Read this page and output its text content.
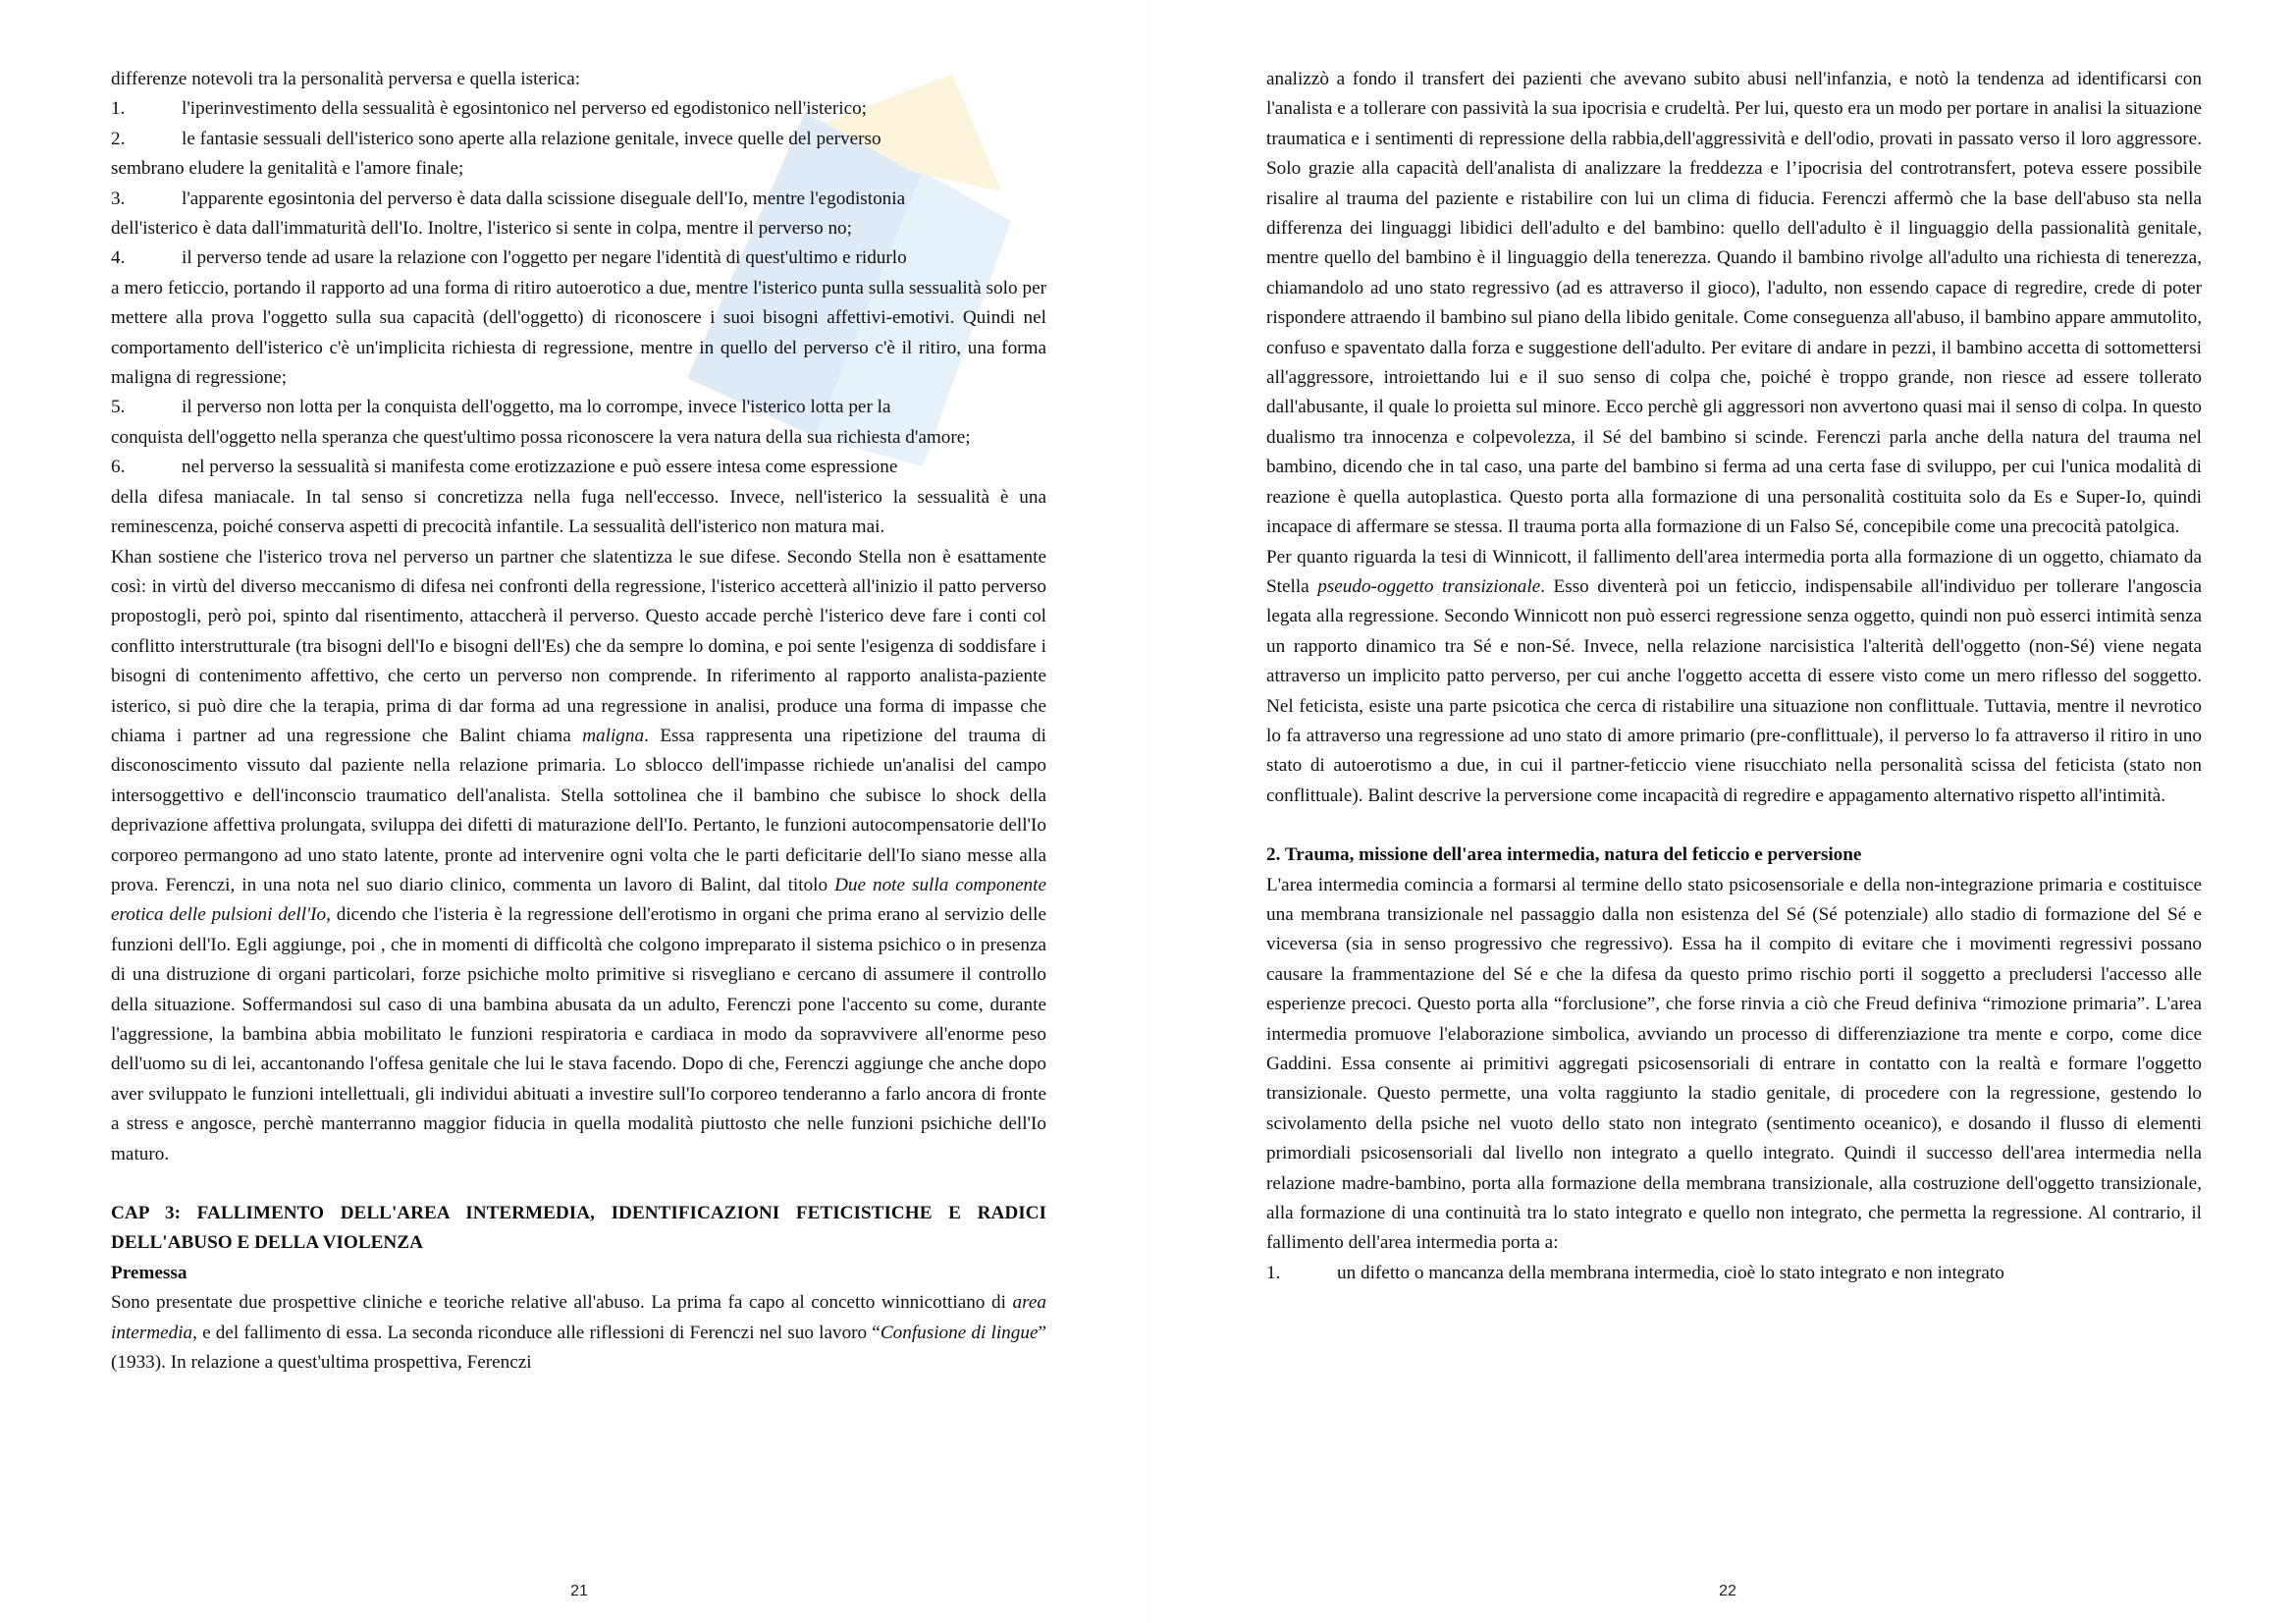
differenze notevoli tra la personalità perversa e quella isterica:

1.	l'iperinvestimento della sessualità è egosintonico nel perverso ed egodistonico nell'isterico;
2.	le fantasie sessuali dell'isterico sono aperte alla relazione genitale, invece quelle del perverso

sembrano eludere la genitalità e l'amore finale;

3.	l'apparente egosintonia del perverso è data dalla scissione diseguale dell'Io, mentre l'egodistonia

dell'isterico è data dall'immaturità dell'Io. Inoltre, l'isterico si sente in colpa, mentre il perverso no;

4.	il perverso tende ad usare la relazione con l'oggetto per negare l'identità di quest'ultimo e ridurlo

a mero feticcio, portando il rapporto ad una forma di ritiro autoerotico a due, mentre l'isterico punta sulla sessualità solo per mettere alla prova l'oggetto sulla sua capacità (dell'oggetto) di riconoscere i suoi bisogni affettivi-emotivi. Quindi nel comportamento dell'isterico c'è un'implicita richiesta di regressione, mentre in quello del perverso c'è il ritiro, una forma maligna di regressione;

5.	il perverso non lotta per la conquista dell'oggetto, ma lo corrompe, invece l'isterico lotta per la

conquista dell'oggetto nella speranza che quest'ultimo possa riconoscere la vera natura della sua richiesta d'amore;

6.	nel perverso la sessualità si manifesta come erotizzazione e può essere intesa come espressione

della difesa maniacale. In tal senso si concretizza nella fuga nell'eccesso. Invece, nell'isterico la sessualità è una reminescenza, poiché conserva aspetti di precocità infantile. La sessualità dell'isterico non matura mai.

Khan sostiene che l'isterico trova nel perverso un partner che slatentizza le sue difese. Secondo Stella non è esattamente così: in virtù del diverso meccanismo di difesa nei confronti della regressione, l'isterico accetterà all'inizio il patto perverso propostogli, però poi, spinto dal risentimento, attaccherà il perverso. Questo accade perchè l'isterico deve fare i conti col conflitto interstrutturale (tra bisogni dell'Io e bisogni dell'Es) che da sempre lo domina, e poi sente l'esigenza di soddisfare i bisogni di contenimento affettivo, che certo un perverso non comprende. In riferimento al rapporto analista-paziente isterico, si può dire che la terapia, prima di dar forma ad una regressione in analisi, produce una forma di impasse che chiama i partner ad una regressione che Balint chiama maligna. Essa rappresenta una ripetizione del trauma di disconoscimento vissuto dal paziente nella relazione primaria. Lo sblocco dell'impasse richiede un'analisi del campo intersoggettivo e dell'inconscio traumatico dell'analista. Stella sottolinea che il bambino che subisce lo shock della deprivazione affettiva prolungata, sviluppa dei difetti di maturazione dell'Io. Pertanto, le funzioni autocompensatorie dell'Io corporeo permangono ad uno stato latente, pronte ad intervenire ogni volta che le parti deficitarie dell'Io siano messe alla prova. Ferenczi, in una nota nel suo diario clinico, commenta un lavoro di Balint, dal titolo Due note sulla componente erotica delle pulsioni dell'Io, dicendo che l'isteria è la regressione dell'erotismo in organi che prima erano al servizio delle funzioni dell'Io. Egli aggiunge, poi , che in momenti di difficoltà che colgono impreparato il sistema psichico o in presenza di una distruzione di organi particolari, forze psichiche molto primitive si risvegliano e cercano di assumere il controllo della situazione. Soffermandosi sul caso di una bambina abusata da un adulto, Ferenczi pone l'accento su come, durante l'aggressione, la bambina abbia mobilitato le funzioni respiratoria e cardiaca in modo da sopravvivere all'enorme peso dell'uomo su di lei, accantonando l'offesa genitale che lui le stava facendo. Dopo di che, Ferenczi aggiunge che anche dopo aver sviluppato le funzioni intellettuali, gli individui abituati a investire sull'Io corporeo tenderanno a farlo ancora di fronte a stress e angosce, perchè manterranno maggior fiducia in quella modalità piuttosto che nelle funzioni psichiche dell'Io maturo.

CAP 3: FALLIMENTO DELL'AREA INTERMEDIA, IDENTIFICAZIONI FETICISTICHE E RADICI DELL'ABUSO E DELLA VIOLENZA

Premessa

Sono presentate due prospettive cliniche e teoriche relative all'abuso. La prima fa capo al concetto winnicottiano di area intermedia, e del fallimento di essa. La seconda riconduce alle riflessioni di Ferenczi nel suo lavoro “Confusione di lingue” (1933). In relazione a quest'ultima prospettiva, Ferenczi

21

analizzò a fondo il transfert dei pazienti che avevano subito abusi nell'infanzia, e notò la tendenza ad identificarsi con l'analista e a tollerare con passività la sua ipocrisia e crudeltà. Per lui, questo era un modo per portare in analisi la situazione traumatica e i sentimenti di repressione della rabbia,dell'aggressività e dell'odio, provati in passato verso il loro aggressore. Solo grazie alla capacità dell'analista di analizzare la freddezza e l’ipocrisia del controtransfert, poteva essere possibile risalire al trauma del paziente e ristabilire con lui un clima di fiducia. Ferenczi affermò che la base dell'abuso sta nella differenza dei linguaggi libidici dell'adulto e del bambino: quello dell'adulto è il linguaggio della passionalità genitale, mentre quello del bambino è il linguaggio della tenerezza. Quando il bambino rivolge all'adulto una richiesta di tenerezza, chiamandolo ad uno stato regressivo (ad es attraverso il gioco), l'adulto, non essendo capace di regredire, crede di poter rispondere attraendo il bambino sul piano della libido genitale. Come conseguenza all'abuso, il bambino appare ammutolito, confuso e spaventato dalla forza e suggestione dell'adulto. Per evitare di andare in pezzi, il bambino accetta di sottomettersi all'aggressore, introiettando lui e il suo senso di colpa che, poiché è troppo grande, non riesce ad essere tollerato dall'abusante, il quale lo proietta sul minore. Ecco perchè gli aggressori non avvertono quasi mai il senso di colpa. In questo dualismo tra innocenza e colpevolezza, il Sé del bambino si scinde. Ferenczi parla anche della natura del trauma nel bambino, dicendo che in tal caso, una parte del bambino si ferma ad una certa fase di sviluppo, per cui l'unica modalità di reazione è quella autoplastica. Questo porta alla formazione di una personalità costituita solo da Es e Super-Io, quindi incapace di affermare se stessa. Il trauma porta alla formazione di un Falso Sé, concepibile come una precocità patolgica.

Per quanto riguarda la tesi di Winnicott, il fallimento dell'area intermedia porta alla formazione di un oggetto, chiamato da Stella pseudo-oggetto transizionale. Esso diventerà poi un feticcio, indispensabile all'individuo per tollerare l'angoscia legata alla regressione. Secondo Winnicott non può esserci regressione senza oggetto, quindi non può esserci intimità senza un rapporto dinamico tra Sé e non-Sé. Invece, nella relazione narcisistica l'alterità dell'oggetto (non-Sé) viene negata attraverso un implicito patto perverso, per cui anche l'oggetto accetta di essere visto come un mero riflesso del soggetto. Nel feticista, esiste una parte psicotica che cerca di ristabilire una situazione non conflittuale. Tuttavia, mentre il nevrotico lo fa attraverso una regressione ad uno stato di amore primario (pre-conflittuale), il perverso lo fa attraverso il ritiro in uno stato di autoerotismo a due, in cui il partner-feticcio viene risucchiato nella personalità scissa del feticista (stato non conflittuale). Balint descrive la perversione come incapacità di regredire e appagamento alternativo rispetto all'intimità.

2. Trauma, missione dell'area intermedia, natura del feticcio e perversione

L'area intermedia comincia a formarsi al termine dello stato psicosensoriale e della non-integrazione primaria e costituisce una membrana transizionale nel passaggio dalla non esistenza del Sé (Sé potenziale) allo stadio di formazione del Sé e viceversa (sia in senso progressivo che regressivo). Essa ha il compito di evitare che i movimenti regressivi possano causare la frammentazione del Sé e che la difesa da questo primo rischio porti il soggetto a precludersi l'accesso alle esperienze precoci. Questo porta alla “forclusione”, che forse rinvia a ciò che Freud definiva “rimozione primaria”. L'area intermedia promuove l'elaborazione simbolica, avviando un processo di differenziazione tra mente e corpo, come dice Gaddini. Essa consente ai primitivi aggregati psicosensoriali di entrare in contatto con la realtà e formare l'oggetto transizionale. Questo permette, una volta raggiunto la stadio genitale, di procedere con la regressione, gestendo lo scivolamento della psiche nel vuoto dello stato non integrato (sentimento oceanico), e dosando il flusso di elementi primordiali psicosensoriali dal livello non integrato a quello integrato. Quindi il successo dell'area intermedia nella relazione madre-bambino, porta alla formazione della membrana transizionale, alla costruzione dell'oggetto transizionale, alla formazione di una continuità tra lo stato integrato e quello non integrato, che permetta la regressione. Al contrario, il fallimento dell'area intermedia porta a:

1.	un difetto o mancanza della membrana intermedia, cioè lo stato integrato e non integrato
22
